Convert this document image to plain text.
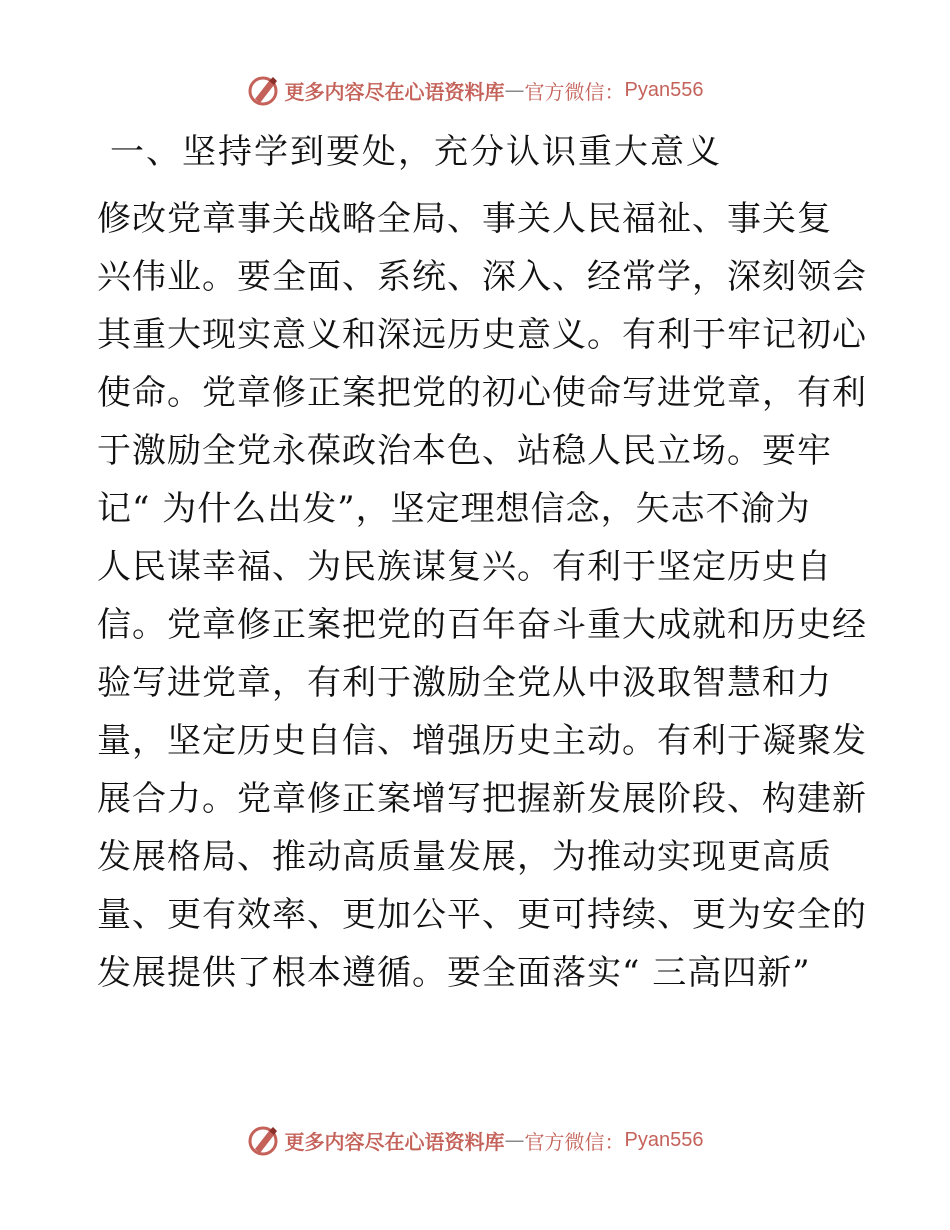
更多内容尽在心语资料库 — 官方微信： Pyan556
一、坚持学到要处，充分认识重大意义
修改党章事关战略全局、事关人民福祉、事关复
兴伟业。要全面、系统、深入、经常学，深刻领会
其重大现实意义和深远历史意义。有利于牢记初心
使命。党章修正案把党的初心使命写进党章，有利
于激励全党永葆政治本色、站稳人民立场。要牢
记“ 为什么出发”，坚定理想信念，矢志不渝为
人民谋幸福、为民族谋复兴。有利于坚定历史自
信。党章修正案把党的百年奋斗重大成就和历史经
验写进党章，有利于激励全党从中汲取智慧和力
量，坚定历史自信、增强历史主动。有利于凝聚发
展合力。党章修正案增写把握新发展阶段、构建新
发展格局、推动高质量发展，为推动实现更高质
量、更有效率、更加公平、更可持续、更为安全的
发展提供了根本遵循。要全面落实“ 三高四新”
更多内容尽在心语资料库 — 官方微信： Pyan556
